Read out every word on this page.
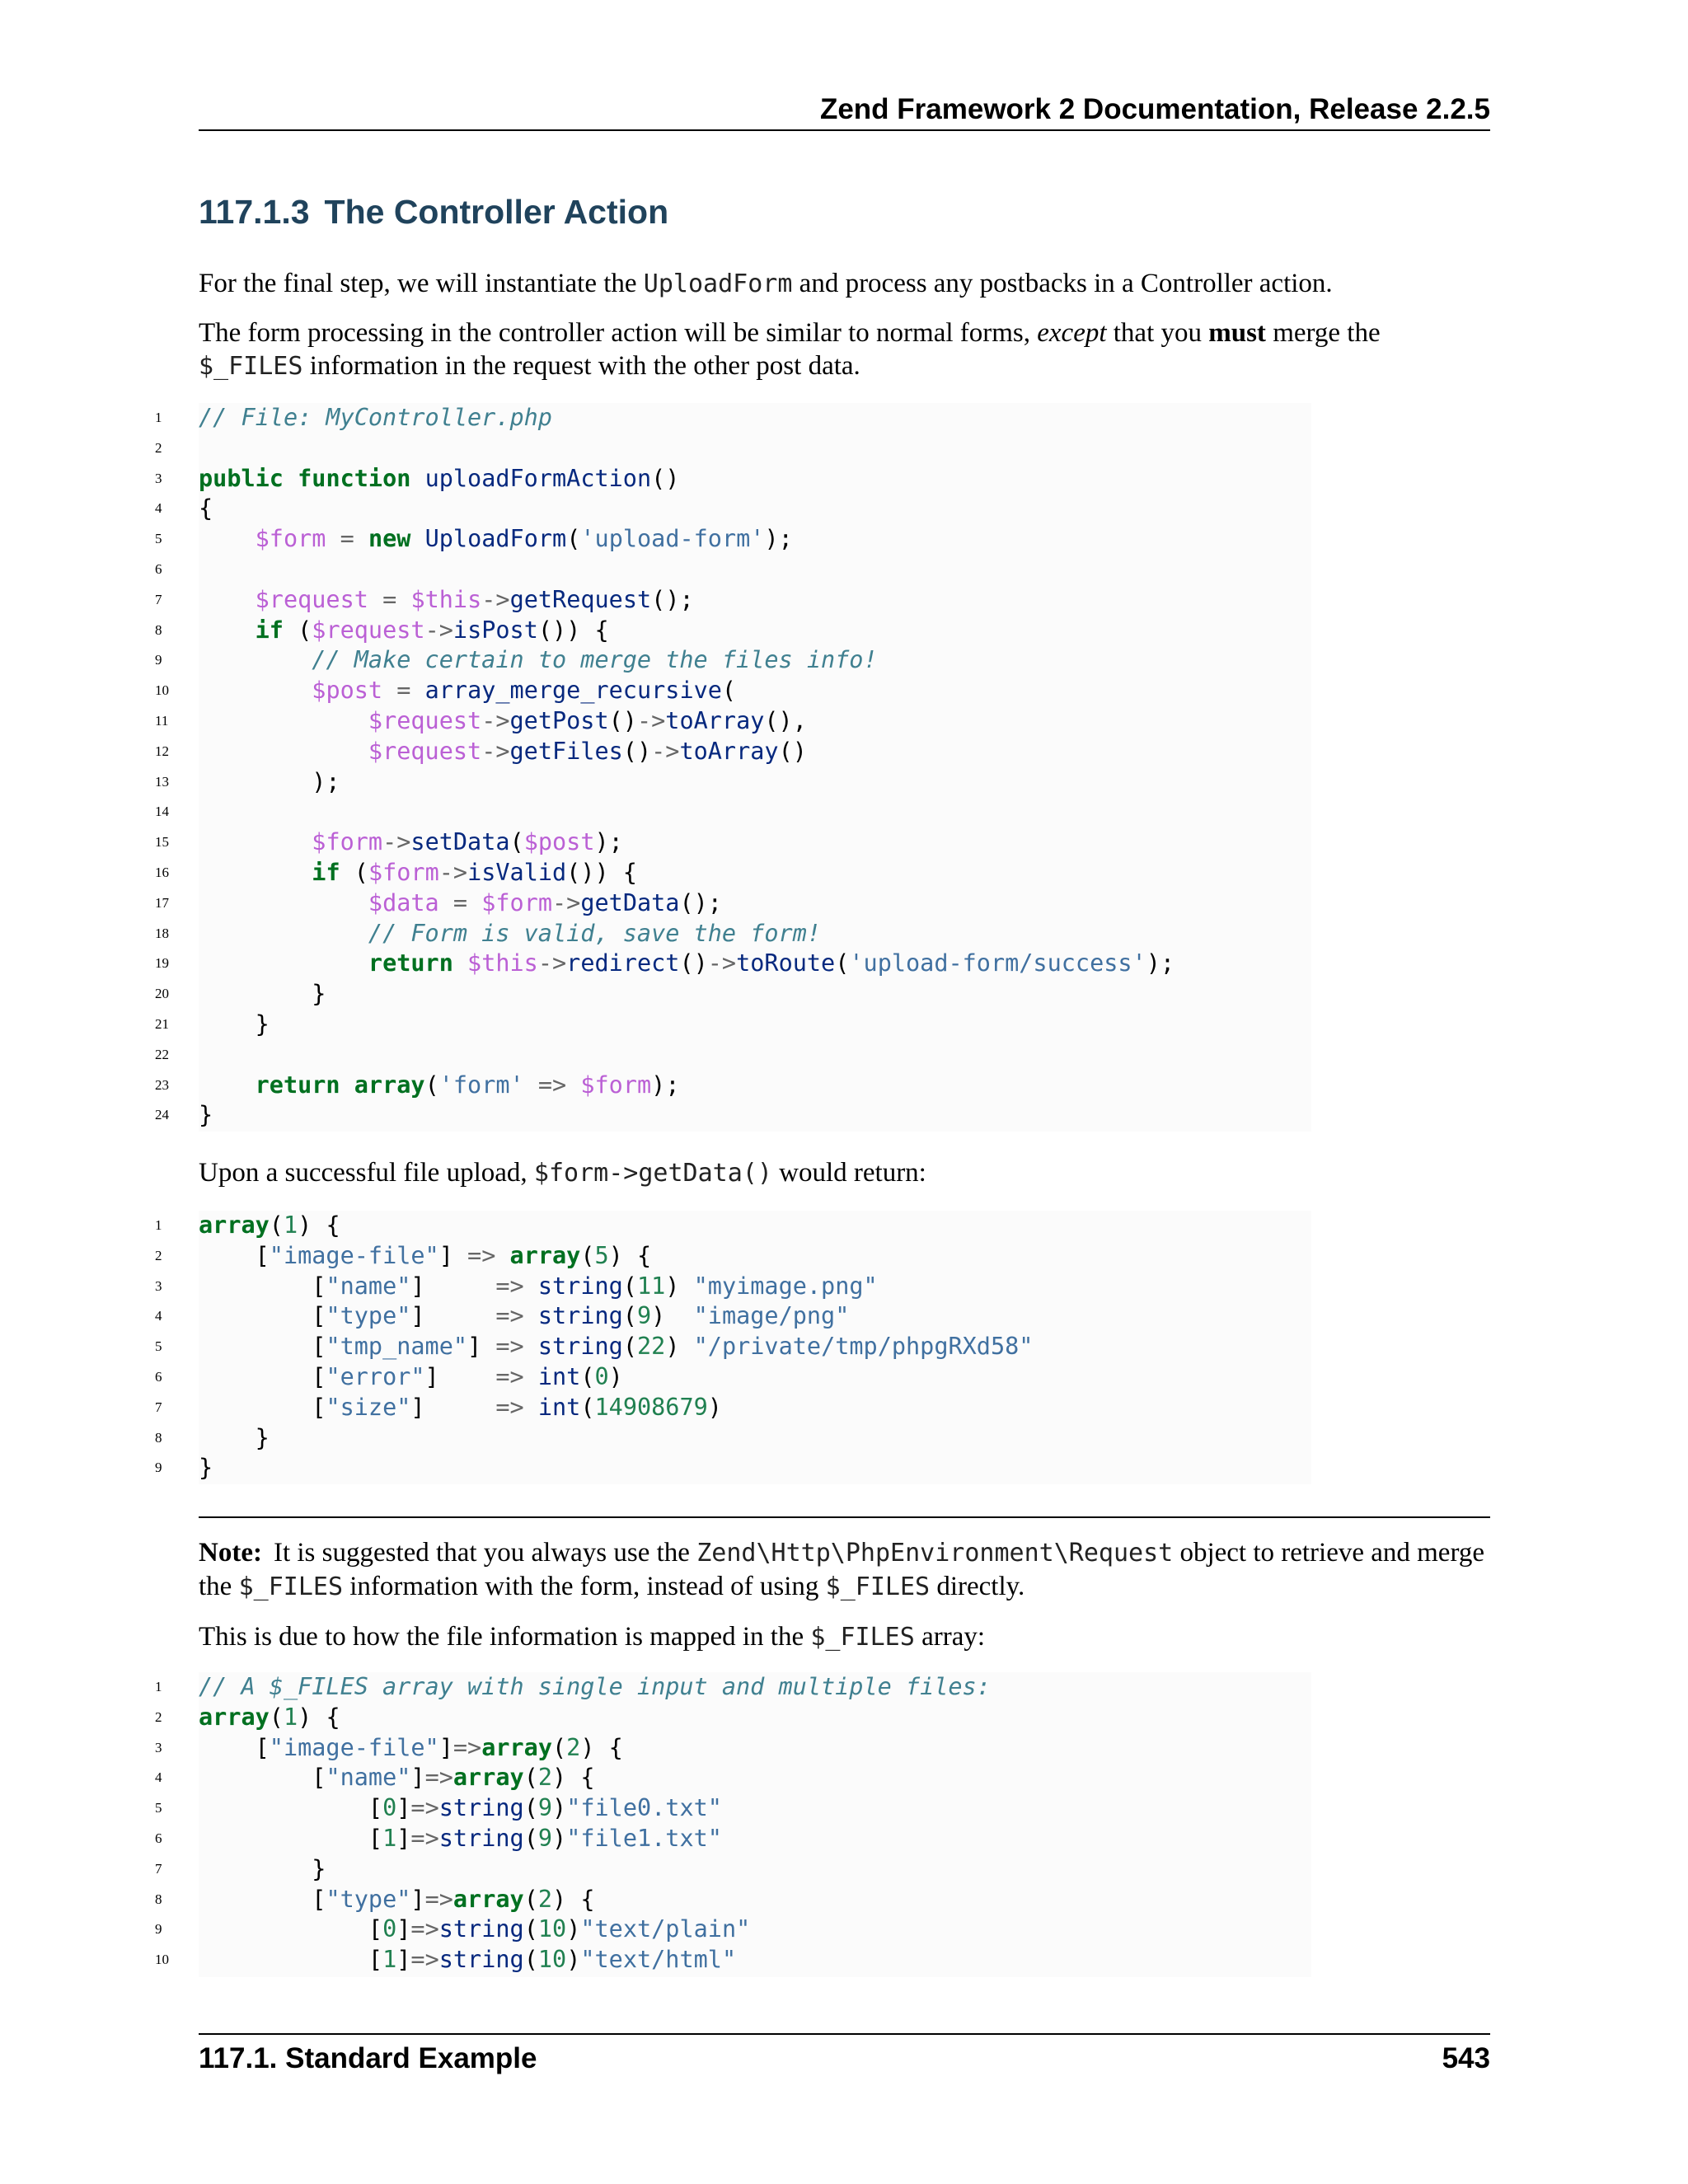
Zend Framework 2 Documentation, Release 2.2.5
117.1.3 The Controller Action
For the final step, we will instantiate the UploadForm and process any postbacks in a Controller action.
The form processing in the controller action will be similar to normal forms, except that you must merge the $_FILES information in the request with the other post data.
1	// File: MyController.php
2
3	public function uploadFormAction()
4	{
5	$form = new UploadForm('upload-form');
6
7	$request = $this->getRequest();
8	if ($request->isPost()) {
9	// Make certain to merge the files info!
10	$post = array_merge_recursive(
11	$request->getPost()->toArray(),
12	$request->getFiles()->toArray()
13	);
14
15	$form->setData($post);
16	if ($form->isValid()) {
17	$data = $form->getData();
18	// Form is valid, save the form!
19	return $this->redirect()->toRoute('upload-form/success');
20	}
21	}
22
23	return array('form' => $form);
24	}
Upon a successful file upload, $form->getData() would return:
1	array(1) {
2	["image-file"] => array(5) {
3	["name"]     => string(11) "myimage.png"
4	["type"]     => string(9)  "image/png"
5	["tmp_name"] => string(22) "/private/tmp/phpgRXd58"
6	["error"]    => int(0)
7	["size"]     => int(14908679)
8	}
9	}
Note: It is suggested that you always use the Zend\Http\PhpEnvironment\Request object to retrieve and merge the $_FILES information with the form, instead of using $_FILES directly.
This is due to how the file information is mapped in the $_FILES array:
1	// A $_FILES array with single input and multiple files:
2	array(1) {
3	["image-file"]=>array(2) {
4	["name"]=>array(2) {
5	[0]=>string(9)"file0.txt"
6	[1]=>string(9)"file1.txt"
7	}
8	["type"]=>array(2) {
9	[0]=>string(10)"text/plain"
10	[1]=>string(10)"text/html"
117.1. Standard Example	543
